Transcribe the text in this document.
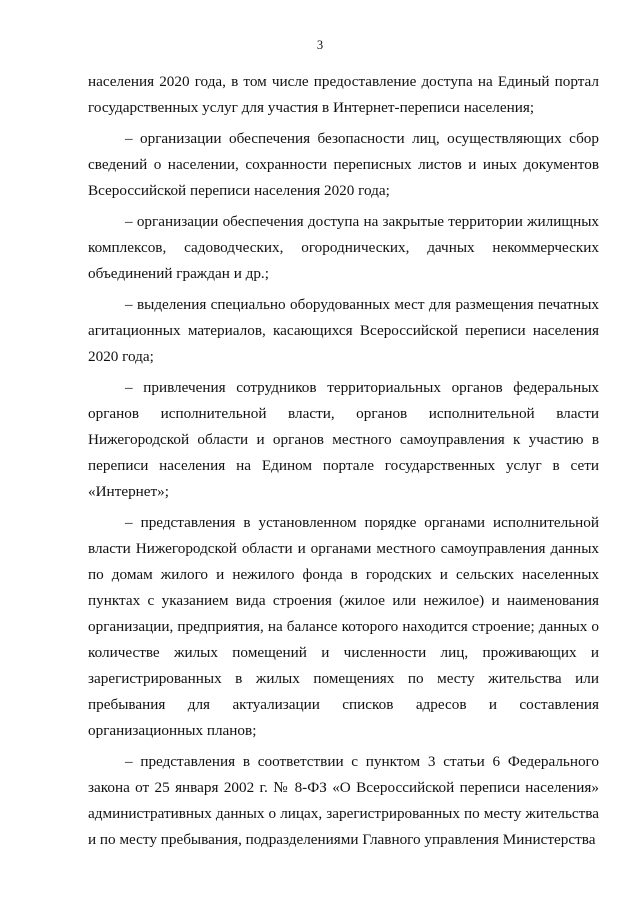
3

населения 2020 года, в том числе предоставление доступа на Единый портал государственных услуг для участия в Интернет-переписи населения;

– организации обеспечения безопасности лиц, осуществляющих сбор сведений о населении, сохранности переписных листов и иных документов Всероссийской переписи населения 2020 года;

– организации обеспечения доступа на закрытые территории жилищных комплексов, садоводческих, огороднических, дачных некоммерческих объединений граждан и др.;

– выделения специально оборудованных мест для размещения печатных агитационных материалов, касающихся Всероссийской переписи населения 2020 года;

– привлечения сотрудников территориальных органов федеральных органов исполнительной власти, органов исполнительной власти Нижегородской области и органов местного самоуправления к участию в переписи населения на Едином портале государственных услуг в сети «Интернет»;

– представления в установленном порядке органами исполнительной власти Нижегородской области и органами местного самоуправления данных по домам жилого и нежилого фонда в городских и сельских населенных пунктах с указанием вида строения (жилое или нежилое) и наименования организации, предприятия, на балансе которого находится строение; данных о количестве жилых помещений и численности лиц, проживающих и зарегистрированных в жилых помещениях по месту жительства или пребывания для актуализации списков адресов и составления организационных планов;

– представления в соответствии с пунктом 3 статьи 6 Федерального закона от 25 января 2002 г. № 8-ФЗ «О Всероссийской переписи населения» административных данных о лицах, зарегистрированных по месту жительства и по месту пребывания, подразделениями Главного управления Министерства
